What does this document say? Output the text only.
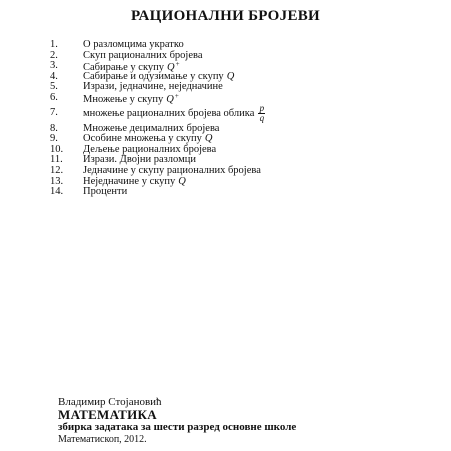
РАЦИОНАЛНИ БРОЈЕВИ
1.	О разломцима укратко
2.	Скуп рационалних бројева
3.	Сабирање у скупу Q+
4.	Сабирање и одузимање у скупу Q
5.	Изрази, једначине, неједначине
6.	Множење у скупу Q+
7.	множење рационалних бројева облика $\frac{p}{q}$
8.	Множење децималних бројева
9.	Особине множења у скупу Q
10.	Дељење рационалних бројева
11.	Изрази. Двојни разломци
12.	Једначине у скупу рационалних бројева
13.	Неједначине у скупу Q
14.	Проценти
Владимир Стојановић
МАТЕМАТИКА
збирка задатака за шести разред основне школе
Математископ, 2012.
